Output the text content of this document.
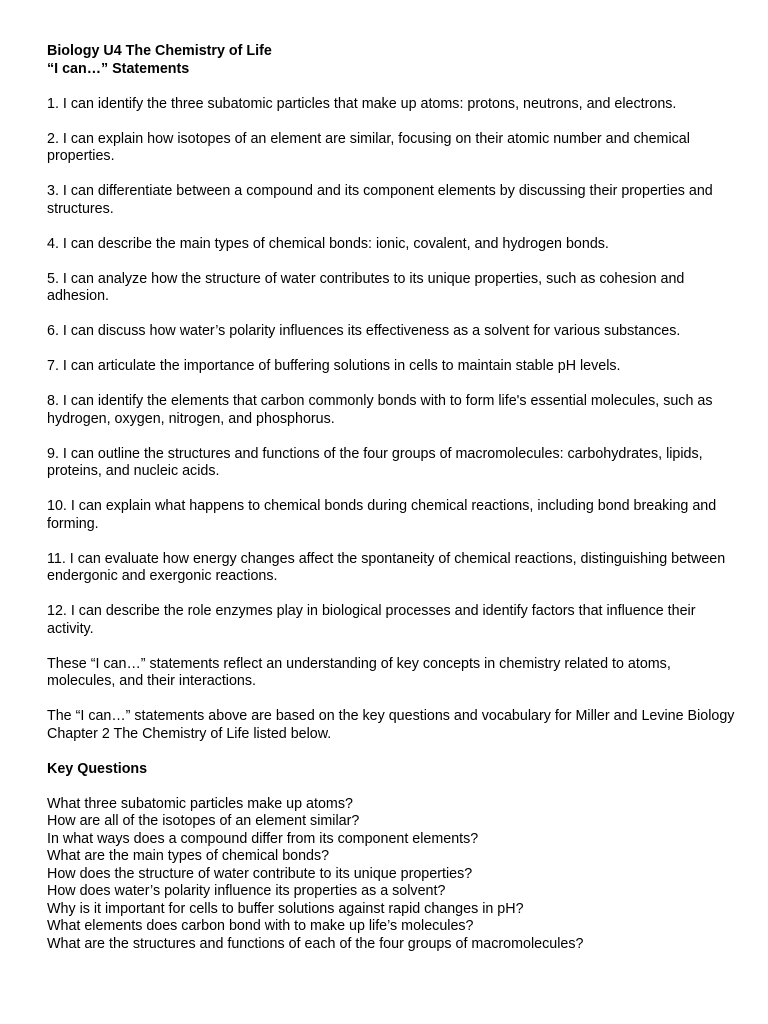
Biology U4 The Chemistry of Life
“I can…” Statements

1. I can identify the three subatomic particles that make up atoms: protons, neutrons, and electrons.

2. I can explain how isotopes of an element are similar, focusing on their atomic number and chemical properties.

3. I can differentiate between a compound and its component elements by discussing their properties and structures.

4. I can describe the main types of chemical bonds: ionic, covalent, and hydrogen bonds.

5. I can analyze how the structure of water contributes to its unique properties, such as cohesion and adhesion.

6. I can discuss how water’s polarity influences its effectiveness as a solvent for various substances.

7. I can articulate the importance of buffering solutions in cells to maintain stable pH levels.

8. I can identify the elements that carbon commonly bonds with to form life's essential molecules, such as hydrogen, oxygen, nitrogen, and phosphorus.

9. I can outline the structures and functions of the four groups of macromolecules: carbohydrates, lipids, proteins, and nucleic acids.

10. I can explain what happens to chemical bonds during chemical reactions, including bond breaking and forming.

11. I can evaluate how energy changes affect the spontaneity of chemical reactions, distinguishing between endergonic and exergonic reactions.

12. I can describe the role enzymes play in biological processes and identify factors that influence their activity.

These “I can…” statements reflect an understanding of key concepts in chemistry related to atoms, molecules, and their interactions.

The “I can…” statements above are based on the key questions and vocabulary for Miller and Levine Biology Chapter 2 The Chemistry of Life listed below.

Key Questions
What three subatomic particles make up atoms?
How are all of the isotopes of an element similar?
In what ways does a compound differ from its component elements?
What are the main types of chemical bonds?
How does the structure of water contribute to its unique properties?
How does water’s polarity influence its properties as a solvent?
Why is it important for cells to buffer solutions against rapid changes in pH?
What elements does carbon bond with to make up life’s molecules?
What are the structures and functions of each of the four groups of macromolecules?
